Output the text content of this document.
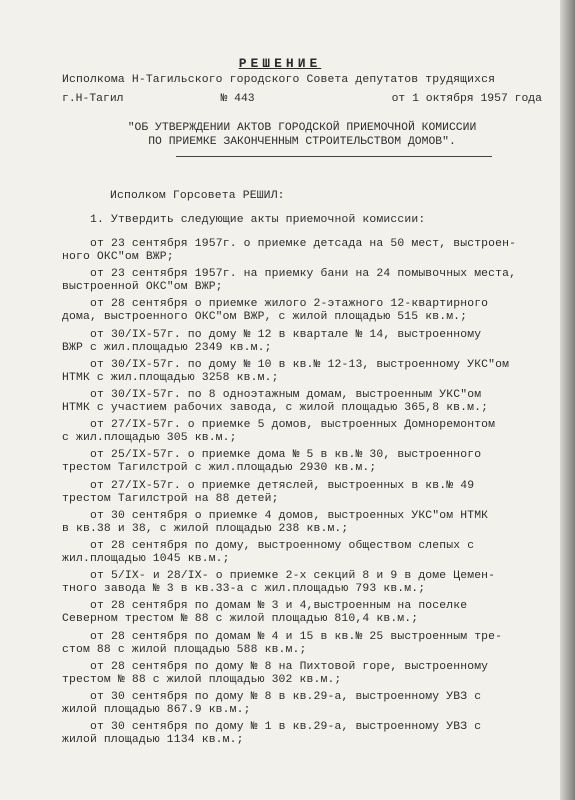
РЕШЕНИЕ
Исполкома Н-Тагильского городского Совета депутатов трудящихся
г.Н-Тагил	№ 443	от 1 октября 1957 года
"ОБ УТВЕРЖДЕНИИ АКТОВ ГОРОДСКОЙ ПРИЕМОЧНОЙ КОМИССИИ
ПО ПРИЕМКЕ ЗАКОНЧЕННЫМ СТРОИТЕЛЬСТВОМ ДОМОВ".
Исполком Горсовета РЕШИЛ:
1. Утвердить следующие акты приемочной комиссии:
от 23 сентября 1957г. о приемке детсада на 50 мест, выстроен-
ного ОКС"ом ВЖР;
от 23 сентября 1957г. на приемку бани на 24 помывочных места,
выстроенной ОКС"ом ВЖР;
от 28 сентября о приемке жилого 2-этажного 12-квартирного
дома, выстроенного ОКС"ом ВЖР, с жилой площадью 515 кв.м.;
от 30/IX-57г. по дому № 12 в квартале № 14, выстроенному
ВЖР с жил.площадью 2349 кв.м.;
от 30/IX-57г. по дому № 10 в кв.№ 12-13, выстроенному УКС"ом
НТМК с жил.площадью 3258 кв.м.;
от 30/IX-57г. по 8 одноэтажным домам, выстроенным УКС"ом
НТМК с участием рабочих завода, с жилой площадью 365,8 кв.м.;
от 27/IX-57г. о приемке 5 домов, выстроенных Домноремонтом
с жил.площадью 305 кв.м.;
от 25/IX-57г. о приемке дома № 5 в кв.№ 30, выстроенного
трестом Тагилстрой с жил.площадью 2930 кв.м.;
от 27/IX-57г. о приемке детяслей, выстроенных в кв.№ 49
трестом Тагилстрой на 88 детей;
от 30 сентября о приемке 4 домов, выстроенных УКС"ом НТМК
в кв.38 и 38, с жилой площадью 238 кв.м.;
от 28 сентября по дому, выстроенному обществом слепых с
жил.площадью 1045 кв.м.;
от 5/IX- и 28/IX- о приемке 2-х секций 8 и 9 в доме Цемен-
тного завода № 3 в кв.33-а с жил.площадью 793 кв.м.;
от 28 сентября по домам № 3 и 4,выстроенным на поселке
Северном трестом № 88 с жилой площадью 810,4 кв.м.;
от 28 сентября по домам № 4 и 15 в кв.№ 25 выстроенным тре-
стом 88 с жилой площадью 588 кв.м.;
от 28 сентября по дому № 8 на Пихтовой горе, выстроенному
трестом № 88 с жилой площадью 302 кв.м.;
от 30 сентября по дому № 8 в кв.29-а, выстроенному УВЗ с
жилой площадью 867.9 кв.м.;
от 30 сентября по дому № 1 в кв.29-а, выстроенному УВЗ с
жилой площадью 1134 кв.м.;
